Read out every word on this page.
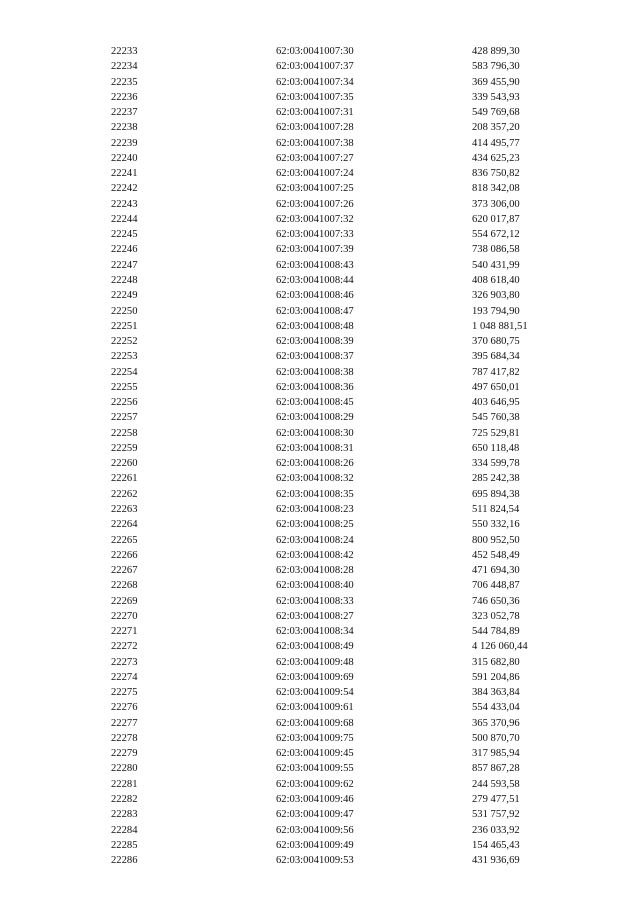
22233	62:03:0041007:30	428 899,30
22234	62:03:0041007:37	583 796,30
22235	62:03:0041007:34	369 455,90
22236	62:03:0041007:35	339 543,93
22237	62:03:0041007:31	549 769,68
22238	62:03:0041007:28	208 357,20
22239	62:03:0041007:38	414 495,77
22240	62:03:0041007:27	434 625,23
22241	62:03:0041007:24	836 750,82
22242	62:03:0041007:25	818 342,08
22243	62:03:0041007:26	373 306,00
22244	62:03:0041007:32	620 017,87
22245	62:03:0041007:33	554 672,12
22246	62:03:0041007:39	738 086,58
22247	62:03:0041008:43	540 431,99
22248	62:03:0041008:44	408 618,40
22249	62:03:0041008:46	326 903,80
22250	62:03:0041008:47	193 794,90
22251	62:03:0041008:48	1 048 881,51
22252	62:03:0041008:39	370 680,75
22253	62:03:0041008:37	395 684,34
22254	62:03:0041008:38	787 417,82
22255	62:03:0041008:36	497 650,01
22256	62:03:0041008:45	403 646,95
22257	62:03:0041008:29	545 760,38
22258	62:03:0041008:30	725 529,81
22259	62:03:0041008:31	650 118,48
22260	62:03:0041008:26	334 599,78
22261	62:03:0041008:32	285 242,38
22262	62:03:0041008:35	695 894,38
22263	62:03:0041008:23	511 824,54
22264	62:03:0041008:25	550 332,16
22265	62:03:0041008:24	800 952,50
22266	62:03:0041008:42	452 548,49
22267	62:03:0041008:28	471 694,30
22268	62:03:0041008:40	706 448,87
22269	62:03:0041008:33	746 650,36
22270	62:03:0041008:27	323 052,78
22271	62:03:0041008:34	544 784,89
22272	62:03:0041008:49	4 126 060,44
22273	62:03:0041009:48	315 682,80
22274	62:03:0041009:69	591 204,86
22275	62:03:0041009:54	384 363,84
22276	62:03:0041009:61	554 433,04
22277	62:03:0041009:68	365 370,96
22278	62:03:0041009:75	500 870,70
22279	62:03:0041009:45	317 985,94
22280	62:03:0041009:55	857 867,28
22281	62:03:0041009:62	244 593,58
22282	62:03:0041009:46	279 477,51
22283	62:03:0041009:47	531 757,92
22284	62:03:0041009:56	236 033,92
22285	62:03:0041009:49	154 465,43
22286	62:03:0041009:53	431 936,69
